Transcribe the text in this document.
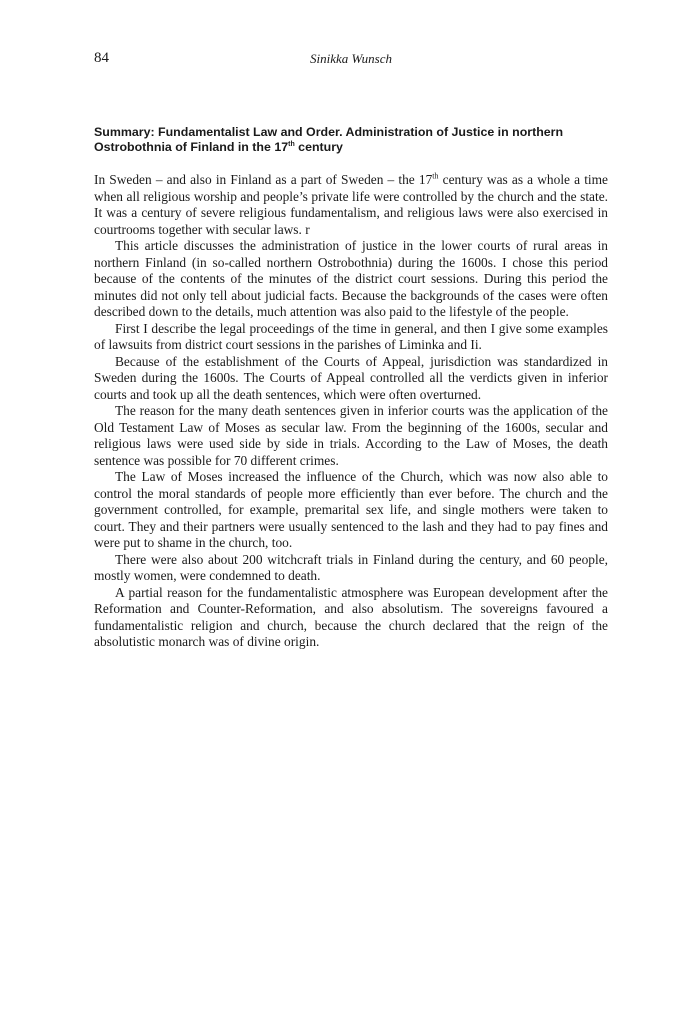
84	Sinikka Wunsch
Summary: Fundamentalist Law and Order. Administration of Justice in northern Ostrobothnia of Finland in the 17th century

In Sweden – and also in Finland as a part of Sweden – the 17th century was as a whole a time when all religious worship and people’s private life were controlled by the church and the state. It was a century of severe religious fundamentalism, and religious laws were also exercised in courtrooms together with secular laws. r

This article discusses the administration of justice in the lower courts of rural areas in northern Finland (in so-called northern Ostrobothnia) during the 1600s. I chose this period because of the contents of the minutes of the district court sessions. During this period the minutes did not only tell about judicial facts. Because the backgrounds of the cases were often described down to the details, much attention was also paid to the lifestyle of the people.

First I describe the legal proceedings of the time in general, and then I give some examples of lawsuits from district court sessions in the parishes of Liminka and Ii.

Because of the establishment of the Courts of Appeal, jurisdiction was standardized in Sweden during the 1600s. The Courts of Appeal controlled all the verdicts given in inferior courts and took up all the death sentences, which were often overturned.

The reason for the many death sentences given in inferior courts was the application of the Old Testament Law of Moses as secular law. From the beginning of the 1600s, secular and religious laws were used side by side in trials. According to the Law of Moses, the death sentence was possible for 70 different crimes.

The Law of Moses increased the influence of the Church, which was now also able to control the moral standards of people more efficiently than ever before. The church and the government controlled, for example, premarital sex life, and single mothers were taken to court. They and their partners were usually sentenced to the lash and they had to pay fines and were put to shame in the church, too.

There were also about 200 witchcraft trials in Finland during the century, and 60 people, mostly women, were condemned to death.

A partial reason for the fundamentalistic atmosphere was European development after the Reformation and Counter-Reformation, and also absolutism. The sovereigns favoured a fundamentalistic religion and church, because the church declared that the reign of the absolutistic monarch was of divine origin.
